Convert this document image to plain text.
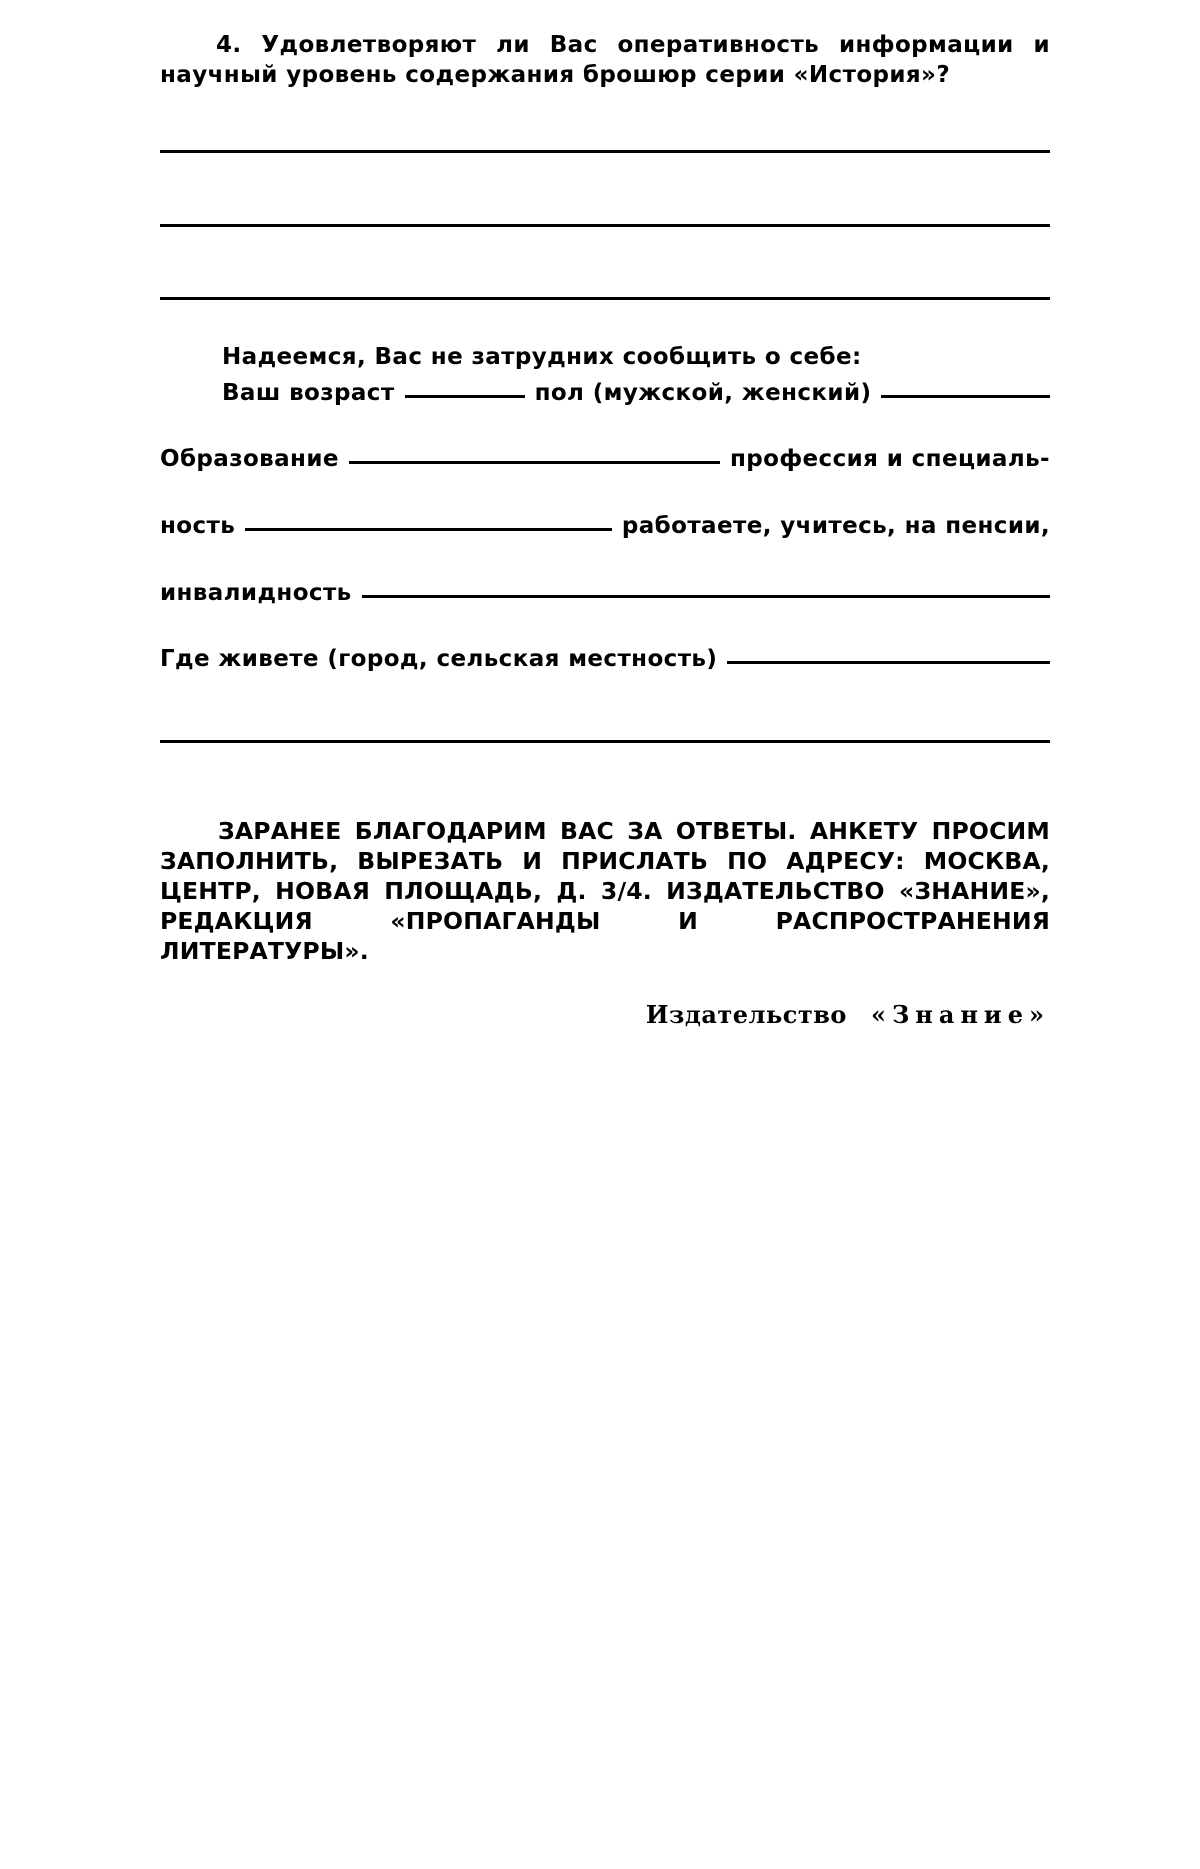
4. Удовлетворяют ли Вас оперативность информации и научный уровень содержания брошюр серии «История»?

Надеемся, Вас не затрудних сообщить о себе:
Ваш возраст	пол (мужской, женский)
Образование	профессия и специаль-
ность	работаете, учитесь, на пенсии,
инвалидность
Где живете (город, сельская местность)

ЗАРАНЕЕ БЛАГОДАРИМ ВАС ЗА ОТВЕТЫ. АНКЕТУ ПРОСИМ ЗАПОЛНИТЬ, ВЫРЕЗАТЬ И ПРИСЛАТЬ ПО АДРЕСУ: МОСКВА, ЦЕНТР, НОВАЯ ПЛОЩАДЬ, Д. 3/4. ИЗДАТЕЛЬСТВО «ЗНАНИЕ», РЕДАКЦИЯ «ПРОПАГАНДЫ И РАСПРОСТРАНЕНИЯ ЛИТЕРАТУРЫ».

Издательство «Знание»
